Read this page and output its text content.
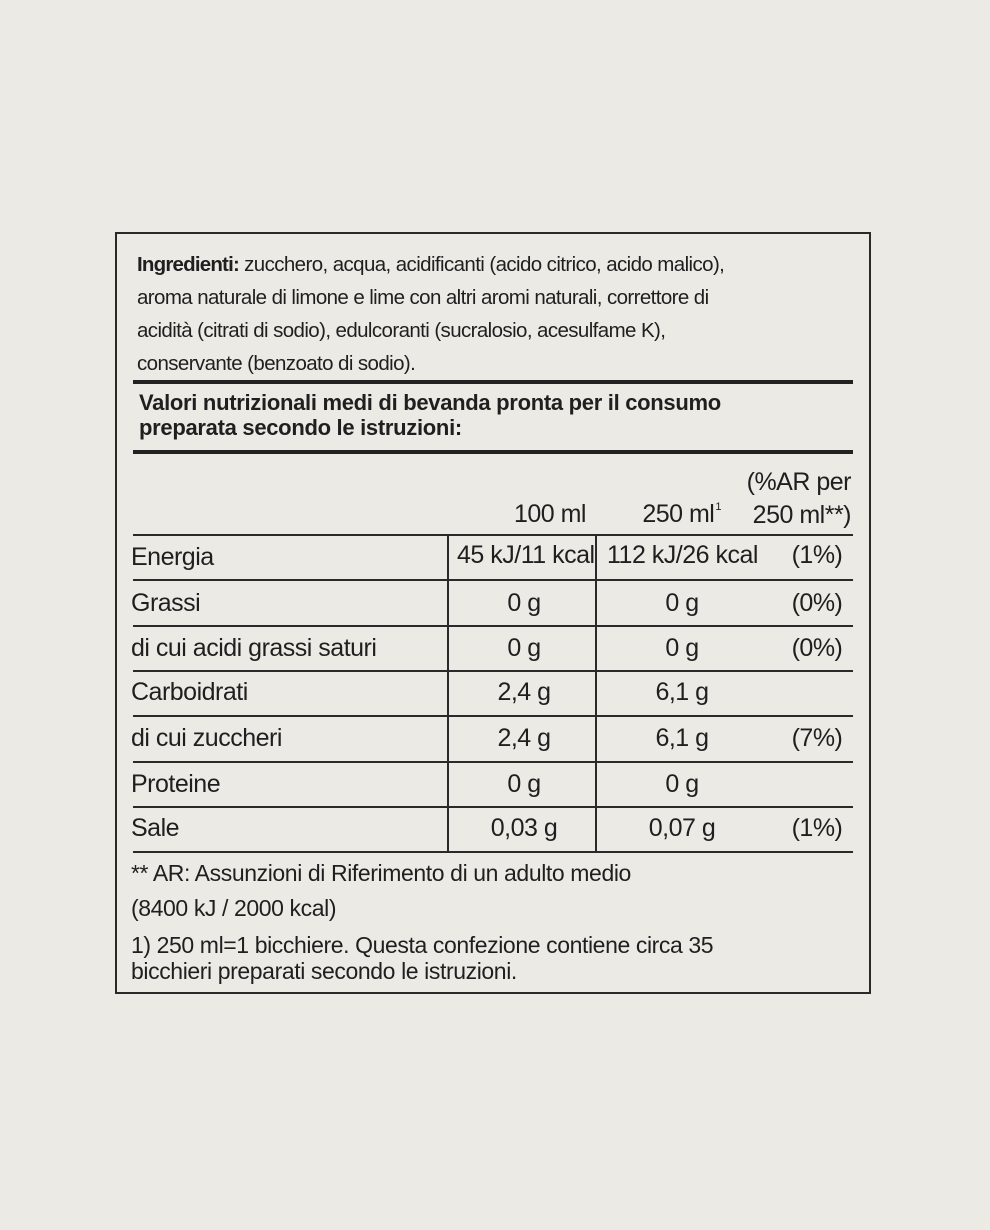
Ingredienti: zucchero, acqua, acidificanti (acido citrico, acido malico),
aroma naturale di limone e lime con altri aromi naturali, correttore di
acidità (citrati di sodio), edulcoranti (sucralosio, acesulfame K),
conservante (benzoato di sodio).
Valori nutrizionali medi di bevanda pronta per il consumo
preparata secondo le istruzioni:
100 ml 250 $ml^1$
(%AR per
250 ml**)
Energia	45 kJ/11 kcal 112 kJ/26 kcal	(1%)
Grassi	0 g	0 g	(0%)
di cui acidi grassi saturi	0 g	0 g	(0%)
Carboidrati	2,4 g	6,1 g
di cui zuccheri	2,4 g	6,1 g	(7%)
Proteine	0 g	0 g
Sale	0,03 g	0,07 g	(1%)
** AR: Assunzioni di Riferimento di un adulto medio
(8400 kJ / 2000 kcal)
1) 250 ml=1 bicchiere. Questa confezione contiene circa 35
bicchieri preparati secondo le istruzioni.
